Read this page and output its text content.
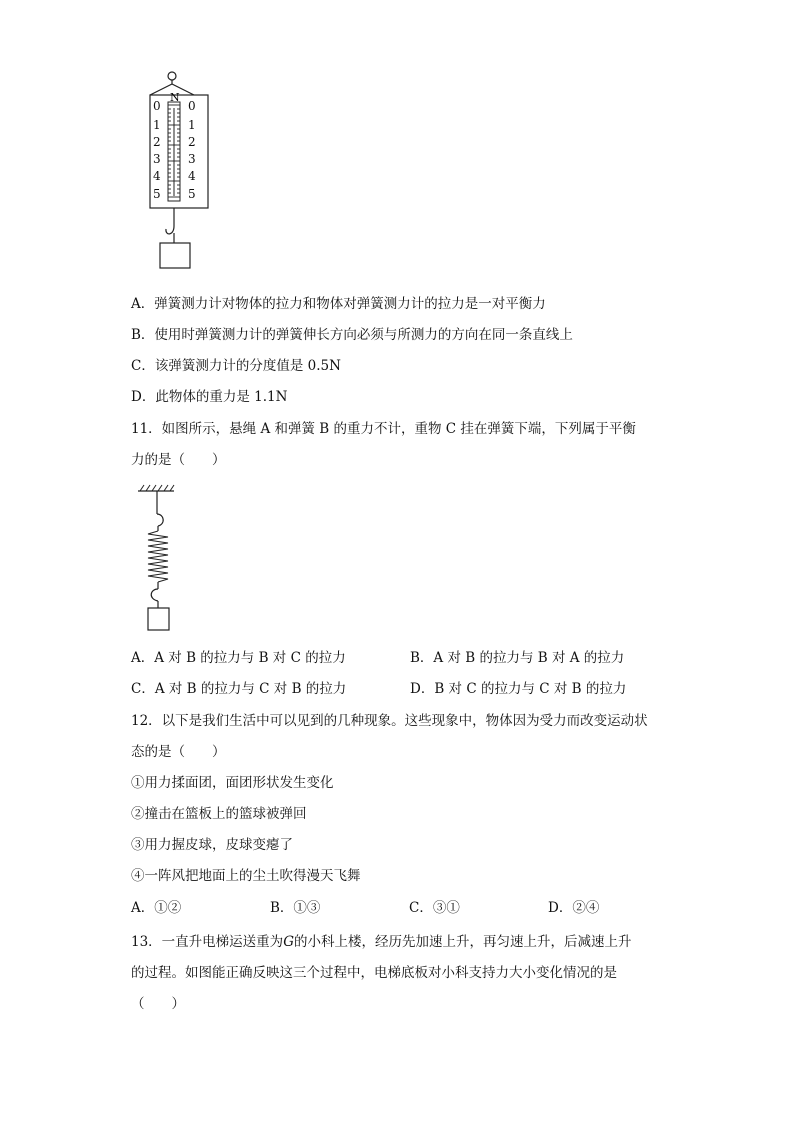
N
0
1
2
3
4
5
0
1
2
3
4
5
A．弹簧测力计对物体的拉力和物体对弹簧测力计的拉力是一对平衡力
B．使用时弹簧测力计的弹簧伸长方向必须与所测力的方向在同一条直线上
C．该弹簧测力计的分度值是 0.5N
D．此物体的重力是 1.1N
11．如图所示，悬绳 A 和弹簧 B 的重力不计，重物 C 挂在弹簧下端，下列属于平衡
力的是（　　）
A．A 对 B 的拉力与 B 对 C 的拉力	B．A 对 B 的拉力与 B 对 A 的拉力
C．A 对 B 的拉力与 C 对 B 的拉力	D．B 对 C 的拉力与 C 对 B 的拉力
12．以下是我们生活中可以见到的几种现象。这些现象中，物体因为受力而改变运动状
态的是（　　）
①用力揉面团，面团形状发生变化
②撞击在篮板上的篮球被弹回
③用力握皮球，皮球变瘪了
④一阵风把地面上的尘土吹得漫天飞舞
A．①②	B．①③	C．③①	D．②④
13．一直升电梯运送重为G的小科上楼，经历先加速上升，再匀速上升，后减速上升
的过程。如图能正确反映这三个过程中，电梯底板对小科支持力大小变化情况的是
（　　）
